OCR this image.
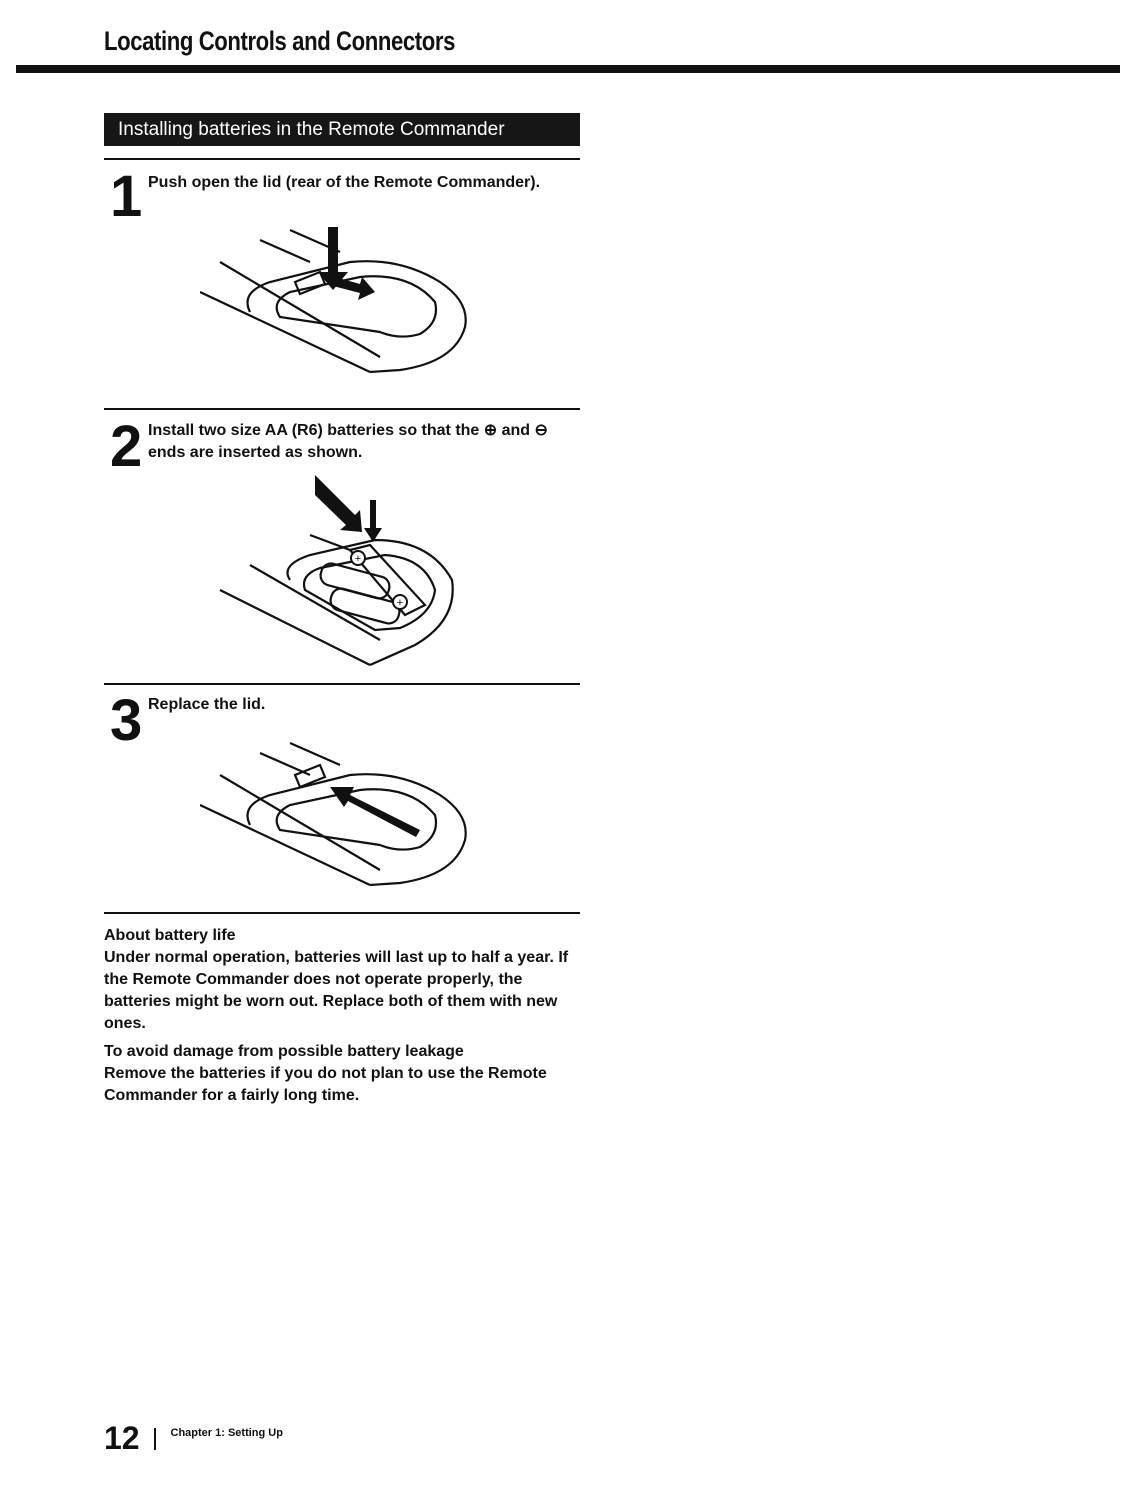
Locating Controls and Connectors
Installing batteries in the Remote Commander
1 Push open the lid (rear of the Remote Commander).
2 Install two size AA (R6) batteries so that the ⊕ and ⊖ ends are inserted as shown.
+
+
3 Replace the lid.

About battery life

Under normal operation, batteries will last up to half a year. If the Remote Commander does not operate properly, the batteries might be worn out. Replace both of them with new ones.

To avoid damage from possible battery leakage

Remove the batteries if you do not plan to use the Remote Commander for a fairly long time.

12	Chapter 1: Setting Up
